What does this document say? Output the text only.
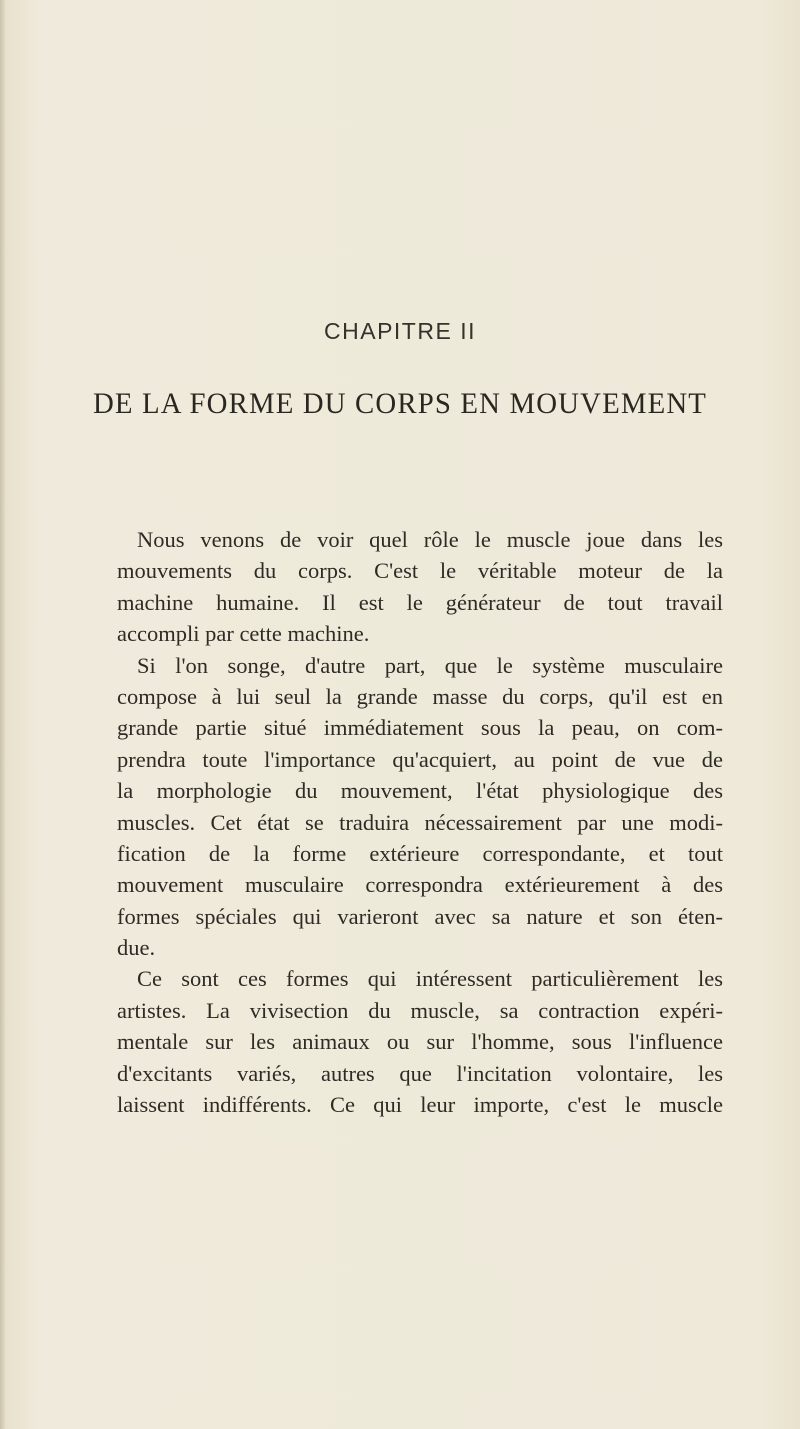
CHAPITRE II
DE LA FORME DU CORPS EN MOUVEMENT
Nous venons de voir quel rôle le muscle joue dans les
mouvements du corps. C'est le véritable moteur de la
machine humaine. Il est le générateur de tout travail
accompli par cette machine.
Si l'on songe, d'autre part, que le système musculaire
compose à lui seul la grande masse du corps, qu'il est en
grande partie situé immédiatement sous la peau, on com-
prendra toute l'importance qu'acquiert, au point de vue de
la morphologie du mouvement, l'état physiologique des
muscles. Cet état se traduira nécessairement par une modi-
fication de la forme extérieure correspondante, et tout
mouvement musculaire correspondra extérieurement à des
formes spéciales qui varieront avec sa nature et son éten-
due.
Ce sont ces formes qui intéressent particulièrement les
artistes. La vivisection du muscle, sa contraction expéri-
mentale sur les animaux ou sur l'homme, sous l'influence
d'excitants variés, autres que l'incitation volontaire, les
laissent indifférents. Ce qui leur importe, c'est le muscle
